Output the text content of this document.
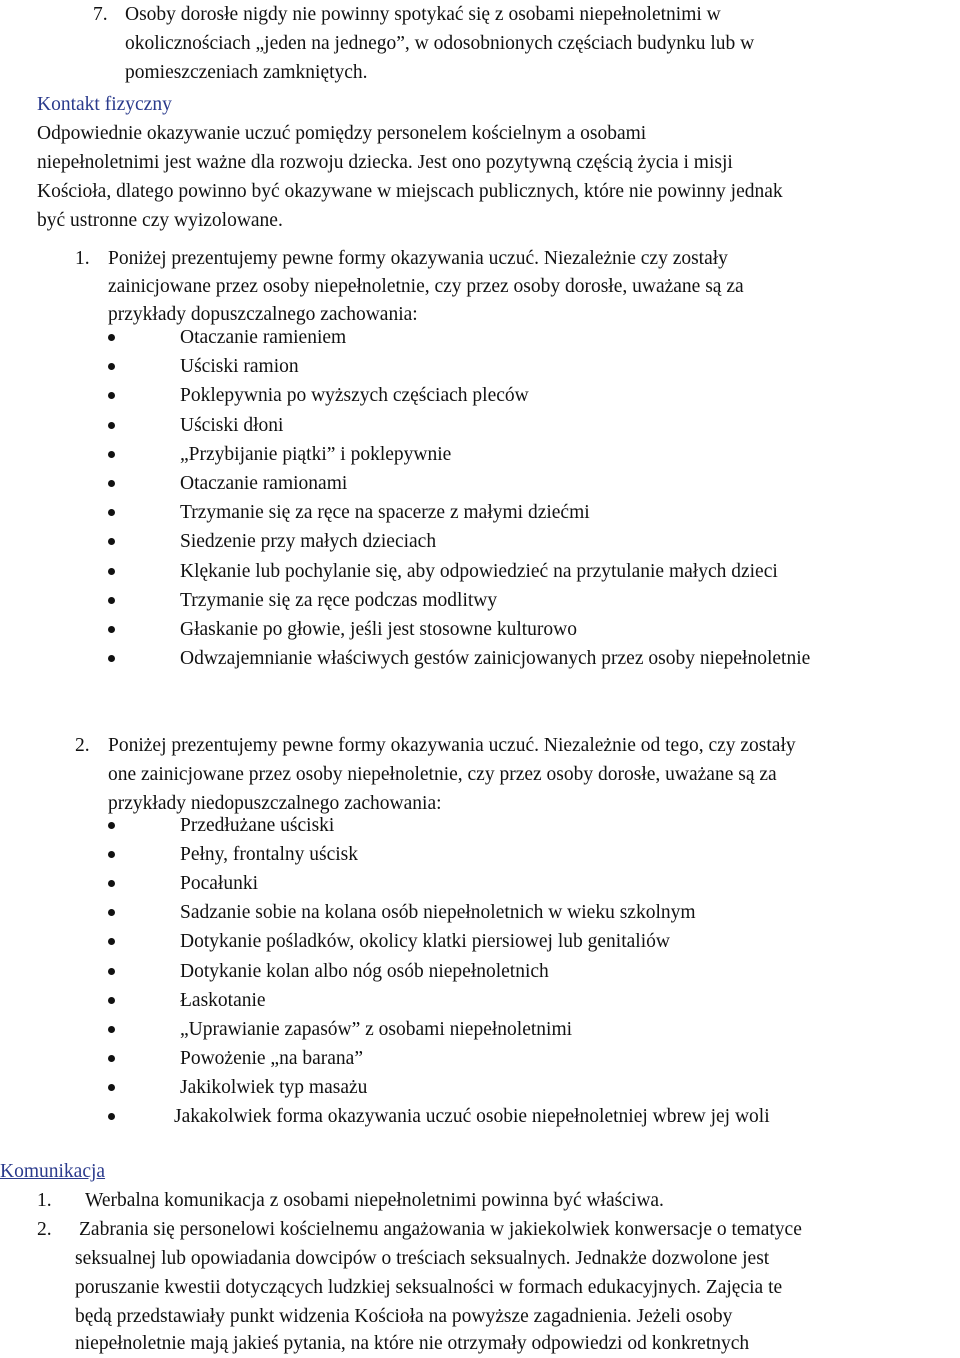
7. Osoby dorosłe nigdy nie powinny spotykać się z osobami niepełnoletnimi w
okolicznościach „jeden na jednego”, w odosobnionych częściach budynku lub w
pomieszczeniach zamkniętych.
Kontakt fizyczny
Odpowiednie okazywanie uczuć pomiędzy personelem kościelnym a osobami
niepełnoletnimi jest ważne dla rozwoju dziecka. Jest ono pozytywną częścią życia i misji
Kościoła, dlatego powinno być okazywane w miejscach publicznych, które nie powinny jednak
być ustronne czy wyizolowane.
1. Poniżej prezentujemy pewne formy okazywania uczuć. Niezależnie czy zostały
zainicjowane przez osoby niepełnoletnie, czy przez osoby dorosłe, uważane są za
przykłady dopuszczalnego zachowania:
Otaczanie ramieniem
Uściski ramion
Poklepywnia po wyższych częściach pleców
Uściski dłoni
„Przybijanie piątki” i poklepywnie
Otaczanie ramionami
Trzymanie się za ręce na spacerze z małymi dziećmi
Siedzenie przy małych dzieciach
Klękanie lub pochylanie się, aby odpowiedzieć na przytulanie małych dzieci
Trzymanie się za ręce podczas modlitwy
Głaskanie po głowie, jeśli jest stosowne kulturowo
Odwzajemnianie właściwych gestów zainicjowanych przez osoby niepełnoletnie
2. Poniżej prezentujemy pewne formy okazywania uczuć. Niezależnie od tego, czy zostały
one zainicjowane przez osoby niepełnoletnie, czy przez osoby dorosłe, uważane są za
przykłady niedopuszczalnego zachowania:
Przedłużane uściski
Pełny, frontalny uścisk
Pocałunki
Sadzanie sobie na kolana osób niepełnoletnich w wieku szkolnym
Dotykanie pośladków, okolicy klatki piersiowej lub genitaliów
Dotykanie kolan albo nóg osób niepełnoletnich
Łaskotanie
„Uprawianie zapasów” z osobami niepełnoletnimi
Powożenie „na barana”
Jakikolwiek typ masażu
Jakakolwiek forma okazywania uczuć osobie niepełnoletniej wbrew jej woli
Komunikacja
1. Werbalna komunikacja z osobami niepełnoletnimi powinna być właściwa.
2. Zabrania się personelowi kościelnemu angażowania w jakiekolwiek konwersacje o tematyce
seksualnej lub opowiadania dowcipów o treściach seksualnych. Jednakże dozwolone jest
poruszanie kwestii dotyczących ludzkiej seksualności w formach edukacyjnych. Zajęcia te
będą przedstawiały punkt widzenia Kościoła na powyższe zagadnienia. Jeżeli osoby
niepełnoletnie mają jakieś pytania, na które nie otrzymały odpowiedzi od konkretnych
